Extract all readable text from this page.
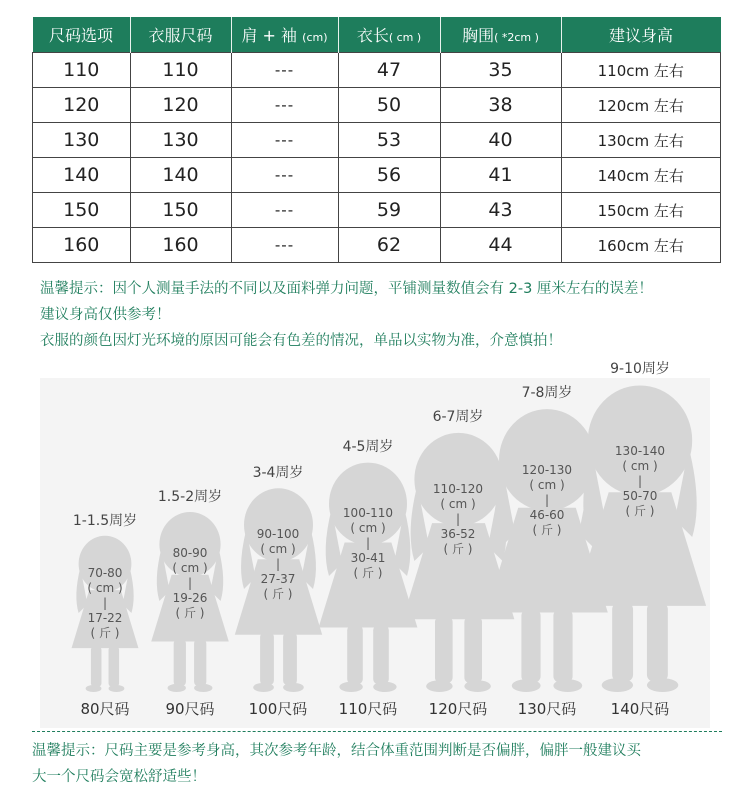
尺码选项	衣服尺码	肩 + 袖 (cm)	衣长( cm )	胸围( *2cm )	建议身高
110	110	---	47	35	110cm 左右
120	120	---	50	38	120cm 左右
130	130	---	53	40	130cm 左右
140	140	---	56	41	140cm 左右
150	150	---	59	43	150cm 左右
160	160	---	62	44	160cm 左右
温馨提示：因个人测量手法的不同以及面料弹力问题，平铺测量数值会有 2-3 厘米左右的误差！
建议身高仅供参考！
衣服的颜色因灯光环境的原因可能会有色差的情况，单品以实物为准，介意慎拍！
1-1.5周岁
70-80
( cm )
|
17-22
( 斤 )
80尺码
1.5-2周岁
80-90
( cm )
|
19-26
( 斤 )
90尺码
3-4周岁
90-100
( cm )
|
27-37
( 斤 )
100尺码
4-5周岁
100-110
( cm )
|
30-41
( 斤 )
110尺码
6-7周岁
110-120
( cm )
|
36-52
( 斤 )
120尺码
7-8周岁
120-130
( cm )
|
46-60
( 斤 )
130尺码
9-10周岁
130-140
( cm )
|
50-70
( 斤 )
140尺码

温馨提示：尺码主要是参考身高，其次参考年龄，结合体重范围判断是否偏胖，偏胖一般建议买
大一个尺码会宽松舒适些！
